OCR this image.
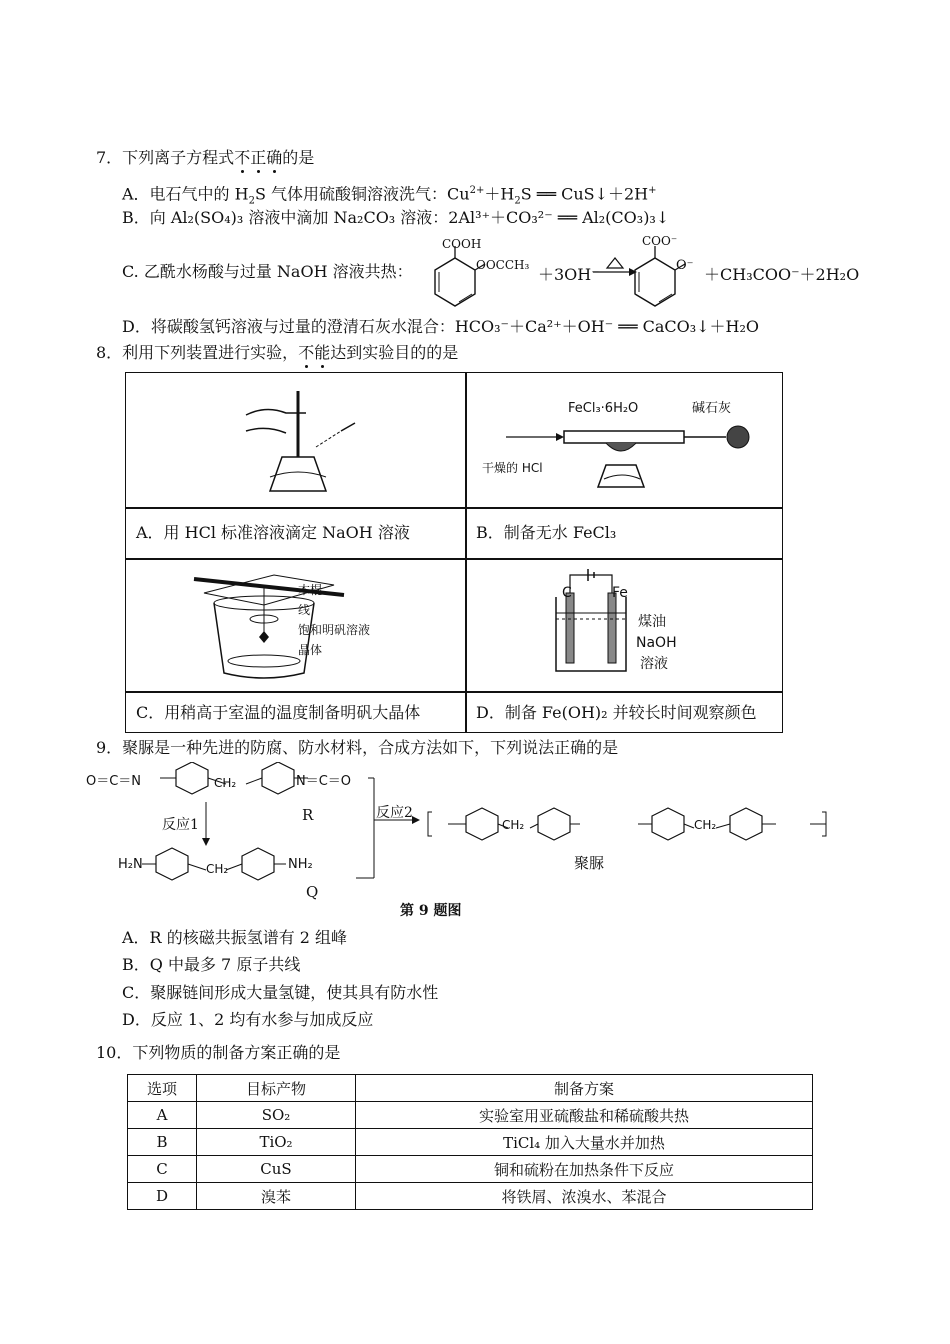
7．下列离子方程式不正确的是
A．电石气中的 $H_2S$ 气体用硫酸铜溶液洗气：$Cu^{2+}+H_2S$ ══ CuS↓＋2H+
B．向 Al₂(SO₄)₃ 溶液中滴加 Na₂CO₃ 溶液：2Al³⁺＋CO₃²⁻ ══ Al₂(CO₃)₃↓
C. 乙酰水杨酸与过量 NaOH 溶液共热：
COOH
OOCCH₃ ＋3OH⁻
COO⁻
O⁻ ＋CH₃COO⁻＋2H₂O
D．将碳酸氢钙溶液与过量的澄清石灰水混合：HCO₃⁻＋Ca²⁺＋OH⁻ ══ CaCO₃↓＋H₂O
8．利用下列装置进行实验，不能达到实验目的的是
A．用 HCl 标准溶液滴定 NaOH 溶液
FeCl₃·6H₂O	碱石灰
干燥的 HCl
B．制备无水 FeCl₃
木棍
线
饱和明矾溶液
晶体
C．用稍高于室温的温度制备明矾大晶体
C	Fe
煤油
NaOH
溶液
D．制备 Fe(OH)₂ 并较长时间观察颜色
9．聚脲是一种先进的防腐、防水材料，合成方法如下，下列说法正确的是
O＝C＝N	CH₂	N＝C＝O
R
反应1
反应2
H₂N	CH₂	NH₂
Q
CH₂	CH₂
聚脲
第 9 题图
A．R 的核磁共振氢谱有 2 组峰
B．Q 中最多 7 原子共线
C．聚脲链间形成大量氢键，使其具有防水性
D．反应 1、2 均有水参与加成反应
10．下列物质的制备方案正确的是
选项	目标产物	制备方案
A	SO₂	实验室用亚硫酸盐和稀硫酸共热
B	TiO₂	TiCl₄ 加入大量水并加热
C	CuS	铜和硫粉在加热条件下反应
D	溴苯	将铁屑、浓溴水、苯混合
